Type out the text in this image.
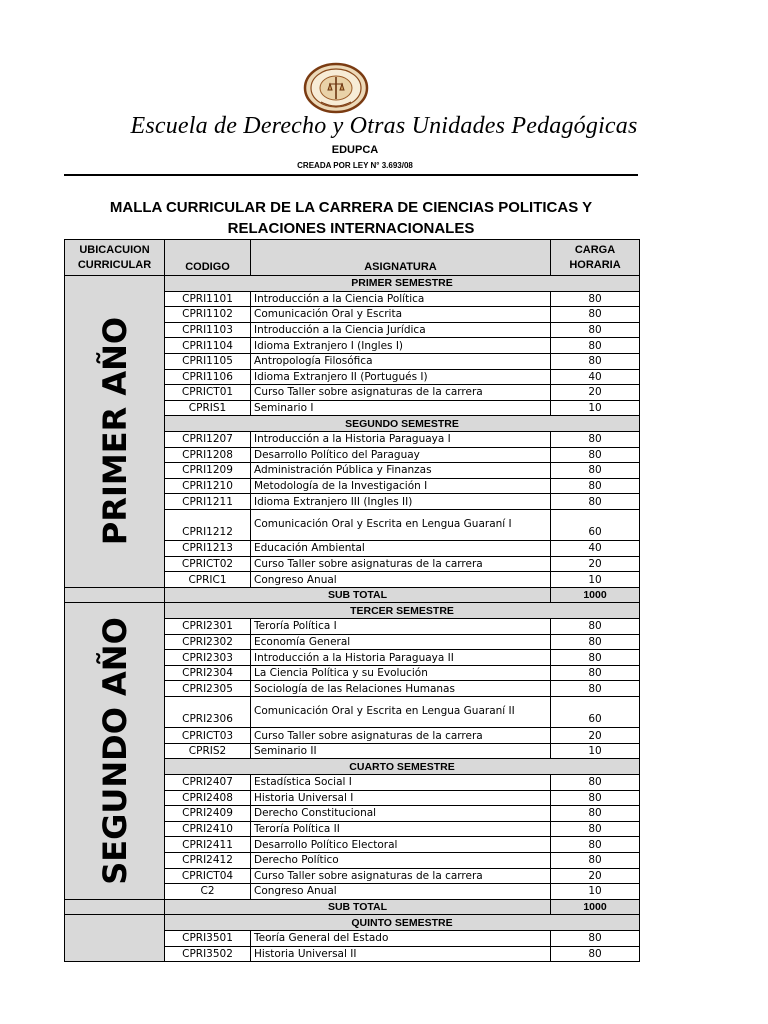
Escuela de Derecho y Otras Unidades Pedagógicas
EDUPCA
CREADA POR LEY N° 3.693/08
MALLA CURRICULAR DE LA CARRERA DE CIENCIAS POLITICAS Y
RELACIONES INTERNACIONALES
UBICACUION CURRICULAR	CODIGO	ASIGNATURA	CARGA HORARIA

PRIMER AÑO	PRIMER SEMESTRE		
	CPRI1101	Introducción a la Ciencia Política	80
	CPRI1102	Comunicación Oral y Escrita	80
	CPRI1103	Introducción a la Ciencia Jurídica	80
	CPRI1104	Idioma Extranjero I (Ingles I)	80
	CPRI1105	Antropología Filosófica	80
	CPRI1106	Idioma Extranjero II (Portugués I)	40
	CPRICT01	Curso Taller sobre asignaturas de la carrera	20
	CPRIS1	Seminario I	10
	SEGUNDO SEMESTRE		
	CPRI1207	Introducción a la Historia Paraguaya I	80
	CPRI1208	Desarrollo Político del Paraguay	80
	CPRI1209	Administración Pública y Finanzas	80
	CPRI1210	Metodología de la Investigación I	80
	CPRI1211	Idioma Extranjero III (Ingles II)	80
	CPRI1212	Comunicación Oral y Escrita en Lengua Guaraní I	60
	CPRI1213	Educación Ambiental	40
	CPRICT02	Curso Taller sobre asignaturas de la carrera	20
	CPRIC1	Congreso Anual	10
	SUB TOTAL		1000

SEGUNDO AÑO	TERCER SEMESTRE		
	CPRI2301	Terоría Política I	80
	CPRI2302	Economía General	80
	CPRI2303	Introducción a la Historia Paraguaya II	80
	CPRI2304	La Ciencia Política y su Evolución	80
	CPRI2305	Sociología de las Relaciones Humanas	80
	CPRI2306	Comunicación Oral y Escrita en Lengua Guaraní II	60
	CPRICT03	Curso Taller sobre asignaturas de la carrera	20
	CPRIS2	Seminario II	10
	CUARTO SEMESTRE		
	CPRI2407	Estadística Social I	80
	CPRI2408	Historia Universal I	80
	CPRI2409	Derecho Constitucional	80
	CPRI2410	Terоría Política II	80
	CPRI2411	Desarrollo Político Electoral	80
	CPRI2412	Derecho Político	80
	CPRICT04	Curso Taller sobre asignaturas de la carrera	20
	C2	Congreso Anual	10
	SUB TOTAL		1000

	QUINTO SEMESTRE		
	CPRI3501	Teoría General del Estado	80
	CPRI3502	Historia Universal II	80
